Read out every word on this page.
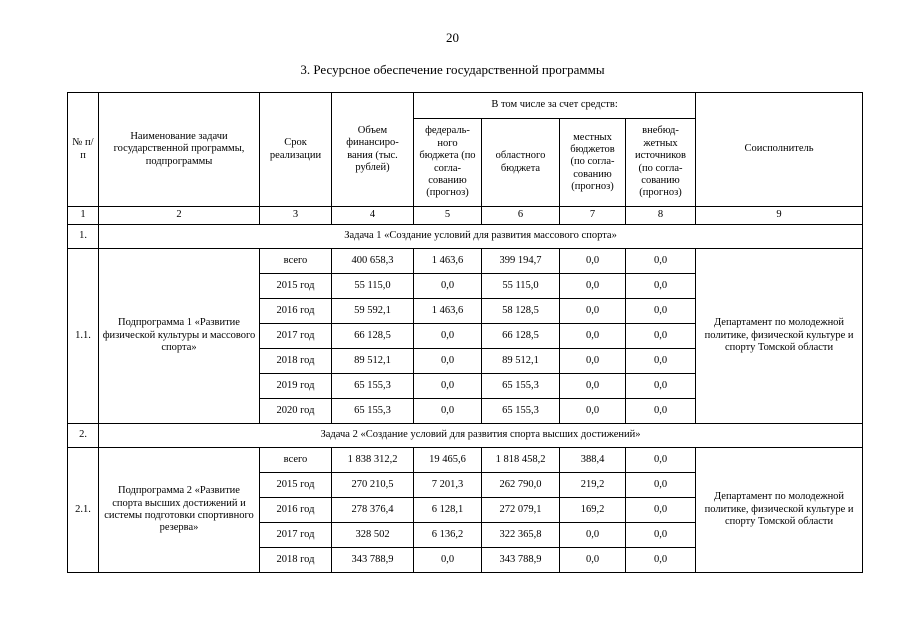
20
3. Ресурсное обеспечение государственной программы
№ п/п	Наименование задачи государственной программы, подпрограммы	Срок реализации	Объем финансиро-вания (тыс. рублей)	В том числе за счет средств:				Соисполнитель
				федераль-ного бюджета (по согла-сованию (прогноз)	областного бюджета	местных бюджетов (по согла-сованию (прогноз)	внебюд-жетных источников (по согла-сованию (прогноз)	
1	2	3	4	5	6	7	8	9
1.	Задача 1 «Создание условий для развития массового спорта»							
1.1.	Подпрограмма 1 «Развитие физической культуры и массового спорта»	всего	400 658,3	1 463,6	399 194,7	0,0	0,0	Департамент по молодежной политике, физической культуре и спорту Томской области
		2015 год	55 115,0	0,0	55 115,0	0,0	0,0	
		2016 год	59 592,1	1 463,6	58 128,5	0,0	0,0	
		2017 год	66 128,5	0,0	66 128,5	0,0	0,0	
		2018 год	89 512,1	0,0	89 512,1	0,0	0,0	
		2019 год	65 155,3	0,0	65 155,3	0,0	0,0	
		2020 год	65 155,3	0,0	65 155,3	0,0	0,0	
2.	Задача 2 «Создание условий для развития спорта высших достижений»							
2.1.	Подпрограмма 2 «Развитие спорта высших достижений и системы подготовки спортивного резерва»	всего	1 838 312,2	19 465,6	1 818 458,2	388,4	0,0	Департамент по молодежной политике, физической культуре и спорту Томской области
		2015 год	270 210,5	7 201,3	262 790,0	219,2	0,0	
		2016 год	278 376,4	6 128,1	272 079,1	169,2	0,0	
		2017 год	328 502	6 136,2	322 365,8	0,0	0,0	
		2018 год	343 788,9	0,0	343 788,9	0,0	0,0	
